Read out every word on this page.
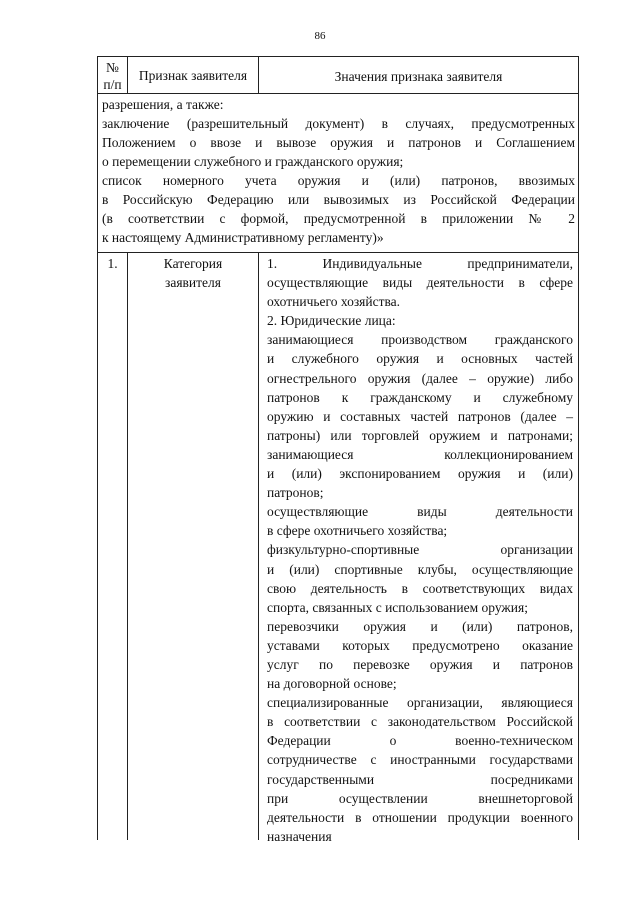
86
№
п/п
Признак заявителя	Значения признака заявителя
разрешения, а также:
заключение (разрешительный документ) в случаях, предусмотренных
Положением о ввозе и вывозе оружия и патронов и Соглашением
о перемещении служебного и гражданского оружия;
список номерного учета оружия и (или) патронов, ввозимых
в Российскую Федерацию или вывозимых из Российской Федерации
(в соответствии с формой, предусмотренной в приложении № 2
к настоящему Административному регламенту)»
1.	Категория
заявителя
1. Индивидуальные предприниматели,
осуществляющие виды деятельности в сфере
охотничьего хозяйства.
2. Юридические лица:
занимающиеся производством гражданского
и служебного оружия и основных частей
огнестрельного оружия (далее – оружие) либо
патронов к гражданскому и служебному
оружию и составных частей патронов (далее –
патроны) или торговлей оружием и патронами;
занимающиеся коллекционированием
и (или) экспонированием оружия и (или)
патронов;
осуществляющие виды деятельности
в сфере охотничьего хозяйства;
физкультурно-спортивные организации
и (или) спортивные клубы, осуществляющие
свою деятельность в соответствующих видах
спорта, связанных с использованием оружия;
перевозчики оружия и (или) патронов,
уставами которых предусмотрено оказание
услуг по перевозке оружия и патронов
на договорной основе;
специализированные организации, являющиеся
в соответствии с законодательством Российской
Федерации о военно-техническом
сотрудничестве с иностранными государствами
государственными посредниками
при осуществлении внешнеторговой
деятельности в отношении продукции военного
назначения
